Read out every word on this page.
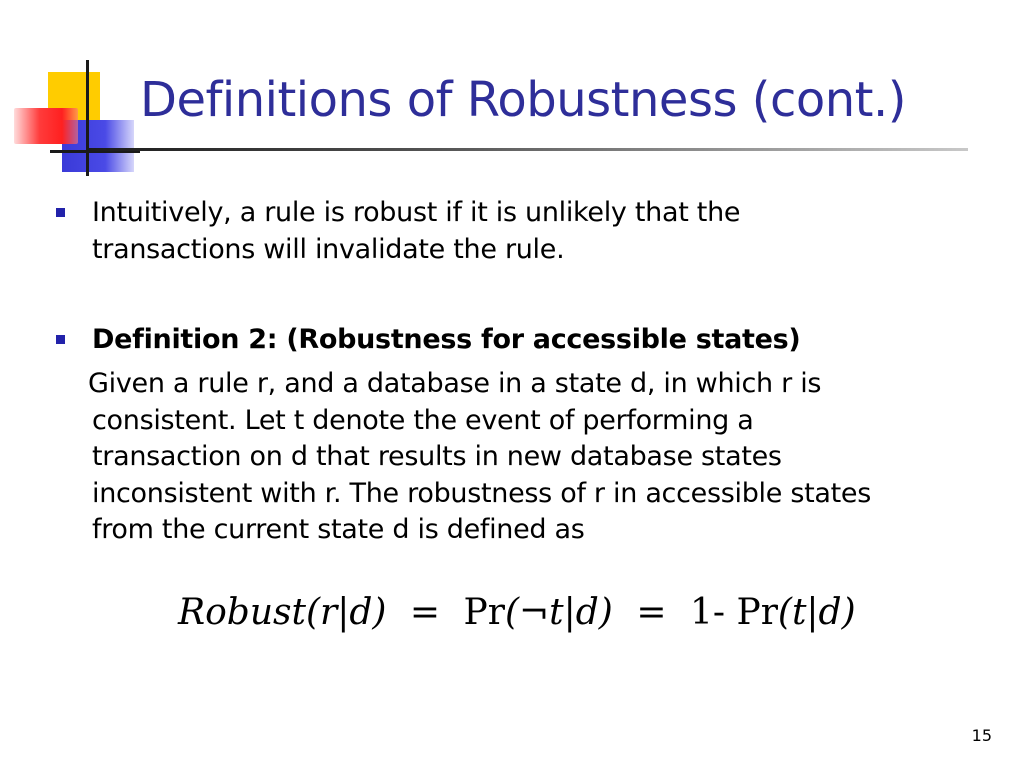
Definitions of Robustness (cont.)
Intuitively, a rule is robust if it is unlikely that the
transactions will invalidate the rule.
Definition 2: (Robustness for accessible states)
Given a rule r, and a database in a state d, in which r is
consistent. Let t denote the event of performing a
transaction on d that results in new database states
inconsistent with r. The robustness of r in accessible states
from the current state d is defined as
Robust(r|d) = Pr(¬t|d) = 1- Pr(t|d)
15
